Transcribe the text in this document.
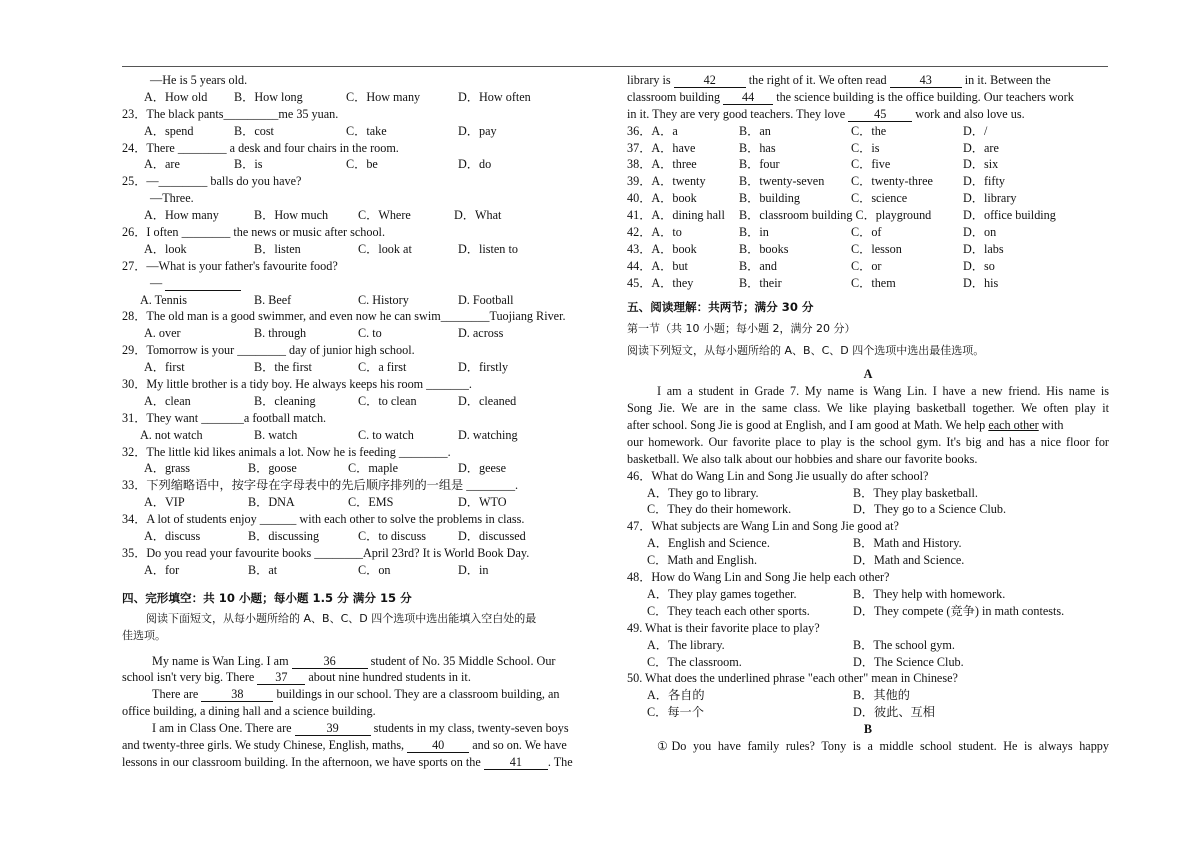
—He is 5 years old.
A．How old B．How long	C．How many	D．How often
23．The black pants_________me 35 yuan.
A．spend	B．cost	C．take	D．pay
24．There ________ a desk and four chairs in the room.
A．are	B．is	C．be	D．do
25．—________ balls do you have?
—Three.
A．How many	B．How much C．Where	D．What
26．I often ________ the news or music after school.
A．look	B．listen	C．look at	D．listen to
27．—What is your father's favourite food?
—
A. Tennis	B. Beef	C. History	D. Football
28．The old man is a good swimmer, and even now he can swim________Tuojiang River.
A. over	B. through	C. to	D. across
29．Tomorrow is your ________ day of junior high school.
A．first	B．the first	C．a first	D．firstly
30．My little brother is a tidy boy. He always keeps his room _______.
A．clean	B．cleaning	C．to clean	D．cleaned
31．They want _______a football match.
A. not watch	B. watch	C. to watch	D. watching
32．The little kid likes animals a lot. Now he is feeding ________.
A．grass	B．goose	C．maple	D．geese
33．下列缩略语中，按字母在字母表中的先后顺序排列的一组是 ________.
A．VIP	B．DNA	C．EMS	D．WTO
34．A lot of students enjoy ______ with each other to solve the problems in class.
A．discuss	B．discussing	C．to discuss	D．discussed
35．Do you read your favourite books ________April 23rd? It is World Book Day.
A．for	B．at	C．on	D．in
四、完形填空：共 10 小题；每小题 1.5 分 满分 15 分
阅读下面短文，从每小题所给的 A、B、C、D 四个选项中选出能填入空白处的最
佳选项。
My name is Wan Ling. I am	36	student of No. 35 Middle School. Our
school isn't very big. There 37 about nine hundred students in it.
There are	38	buildings in our school. They are a classroom building, an
office building, a dining hall and a science building.
I am in Class One. There are	39	students in my class, twenty-seven boys
and twenty-three girls. We study Chinese, English, maths, 40 and so on. We have
lessons in our classroom building. In the afternoon, we have sports on the 41 . The
library is	42	the right of it. We often read	43	in it. Between the
classroom building 44 the science building is the office building. Our teachers work
in it. They are very good teachers. They love 45 work and also love us.
36．A．a	B．an	C．the	D．/
37．A．have	B．has	C．is	D．are
38．A．three	B．four	C．five	D．six
39．A．twenty	B．twenty-seven C．twenty-three D．fifty
40．A．book	B．building	C．science	D．library
41．A．dining hall B．classroom building C．playground	D．office building
42．A．to	B．in	C．of	D．on
43．A．book	B．books	C．lesson	D．labs
44．A．but	B．and	C．or	D．so
45．A．they	B．their	C．them	D．his
五、阅读理解：共两节；满分 30 分
第一节（共 10 小题；每小题 2，满分 20 分）
阅读下列短文，从每小题所给的 A、B、C、D 四个选项中选出最佳选项。
A
I am a student in Grade 7. My name is Wang Lin. I have a new friend. His name is
Song Jie. We are in the same class. We like playing basketball together. We often play it
after school. Song Jie is good at English, and I am good at Math. We help each other with
our homework. Our favorite place to play is the school gym. It's big and has a nice floor for
basketball. We also talk about our hobbies and share our favorite books.
46．What do Wang Lin and Song Jie usually do after school?
A．They go to library.	B．They play basketball.
C．They do their homework.	D．They go to a Science Club.
47．What subjects are Wang Lin and Song Jie good at?
A．English and Science.	B．Math and History.
C．Math and English.	D．Math and Science.
48．How do Wang Lin and Song Jie help each other?
A．They play games together.	B．They help with homework.
C．They teach each other sports.	D．They compete (竞争) in math contests.
49. What is their favorite place to play?
A．The library.	B．The school gym.
C．The classroom.	D．The Science Club.
50. What does the underlined phrase "each other" mean in Chinese?
A．各自的	B．其他的
C．每一个	D．彼此、互相
B
①Do you have family rules? Tony is a middle school student. He is always happy
